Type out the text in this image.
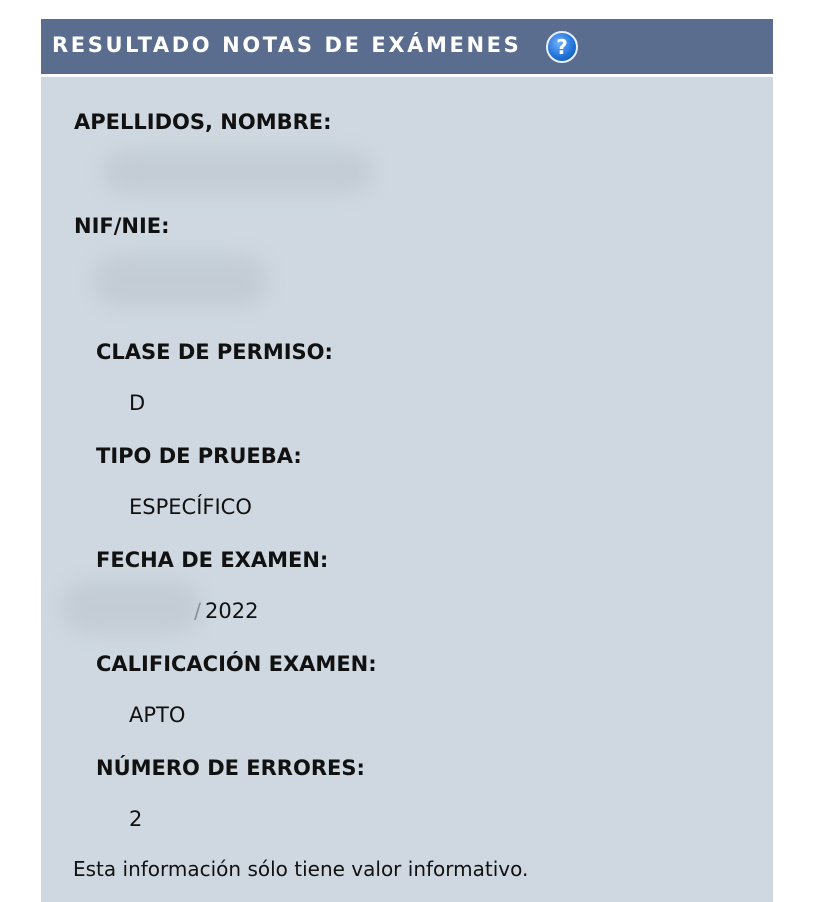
RESULTADO NOTAS DE EXÁMENES	?
APELLIDOS, NOMBRE:
NIF/NIE:
CLASE DE PERMISO:
D
TIPO DE PRUEBA:
ESPECÍFICO
FECHA DE EXAMEN:
/ 2022
CALIFICACIÓN EXAMEN:
APTO
NÚMERO DE ERRORES:
2
Esta información sólo tiene valor informativo.
